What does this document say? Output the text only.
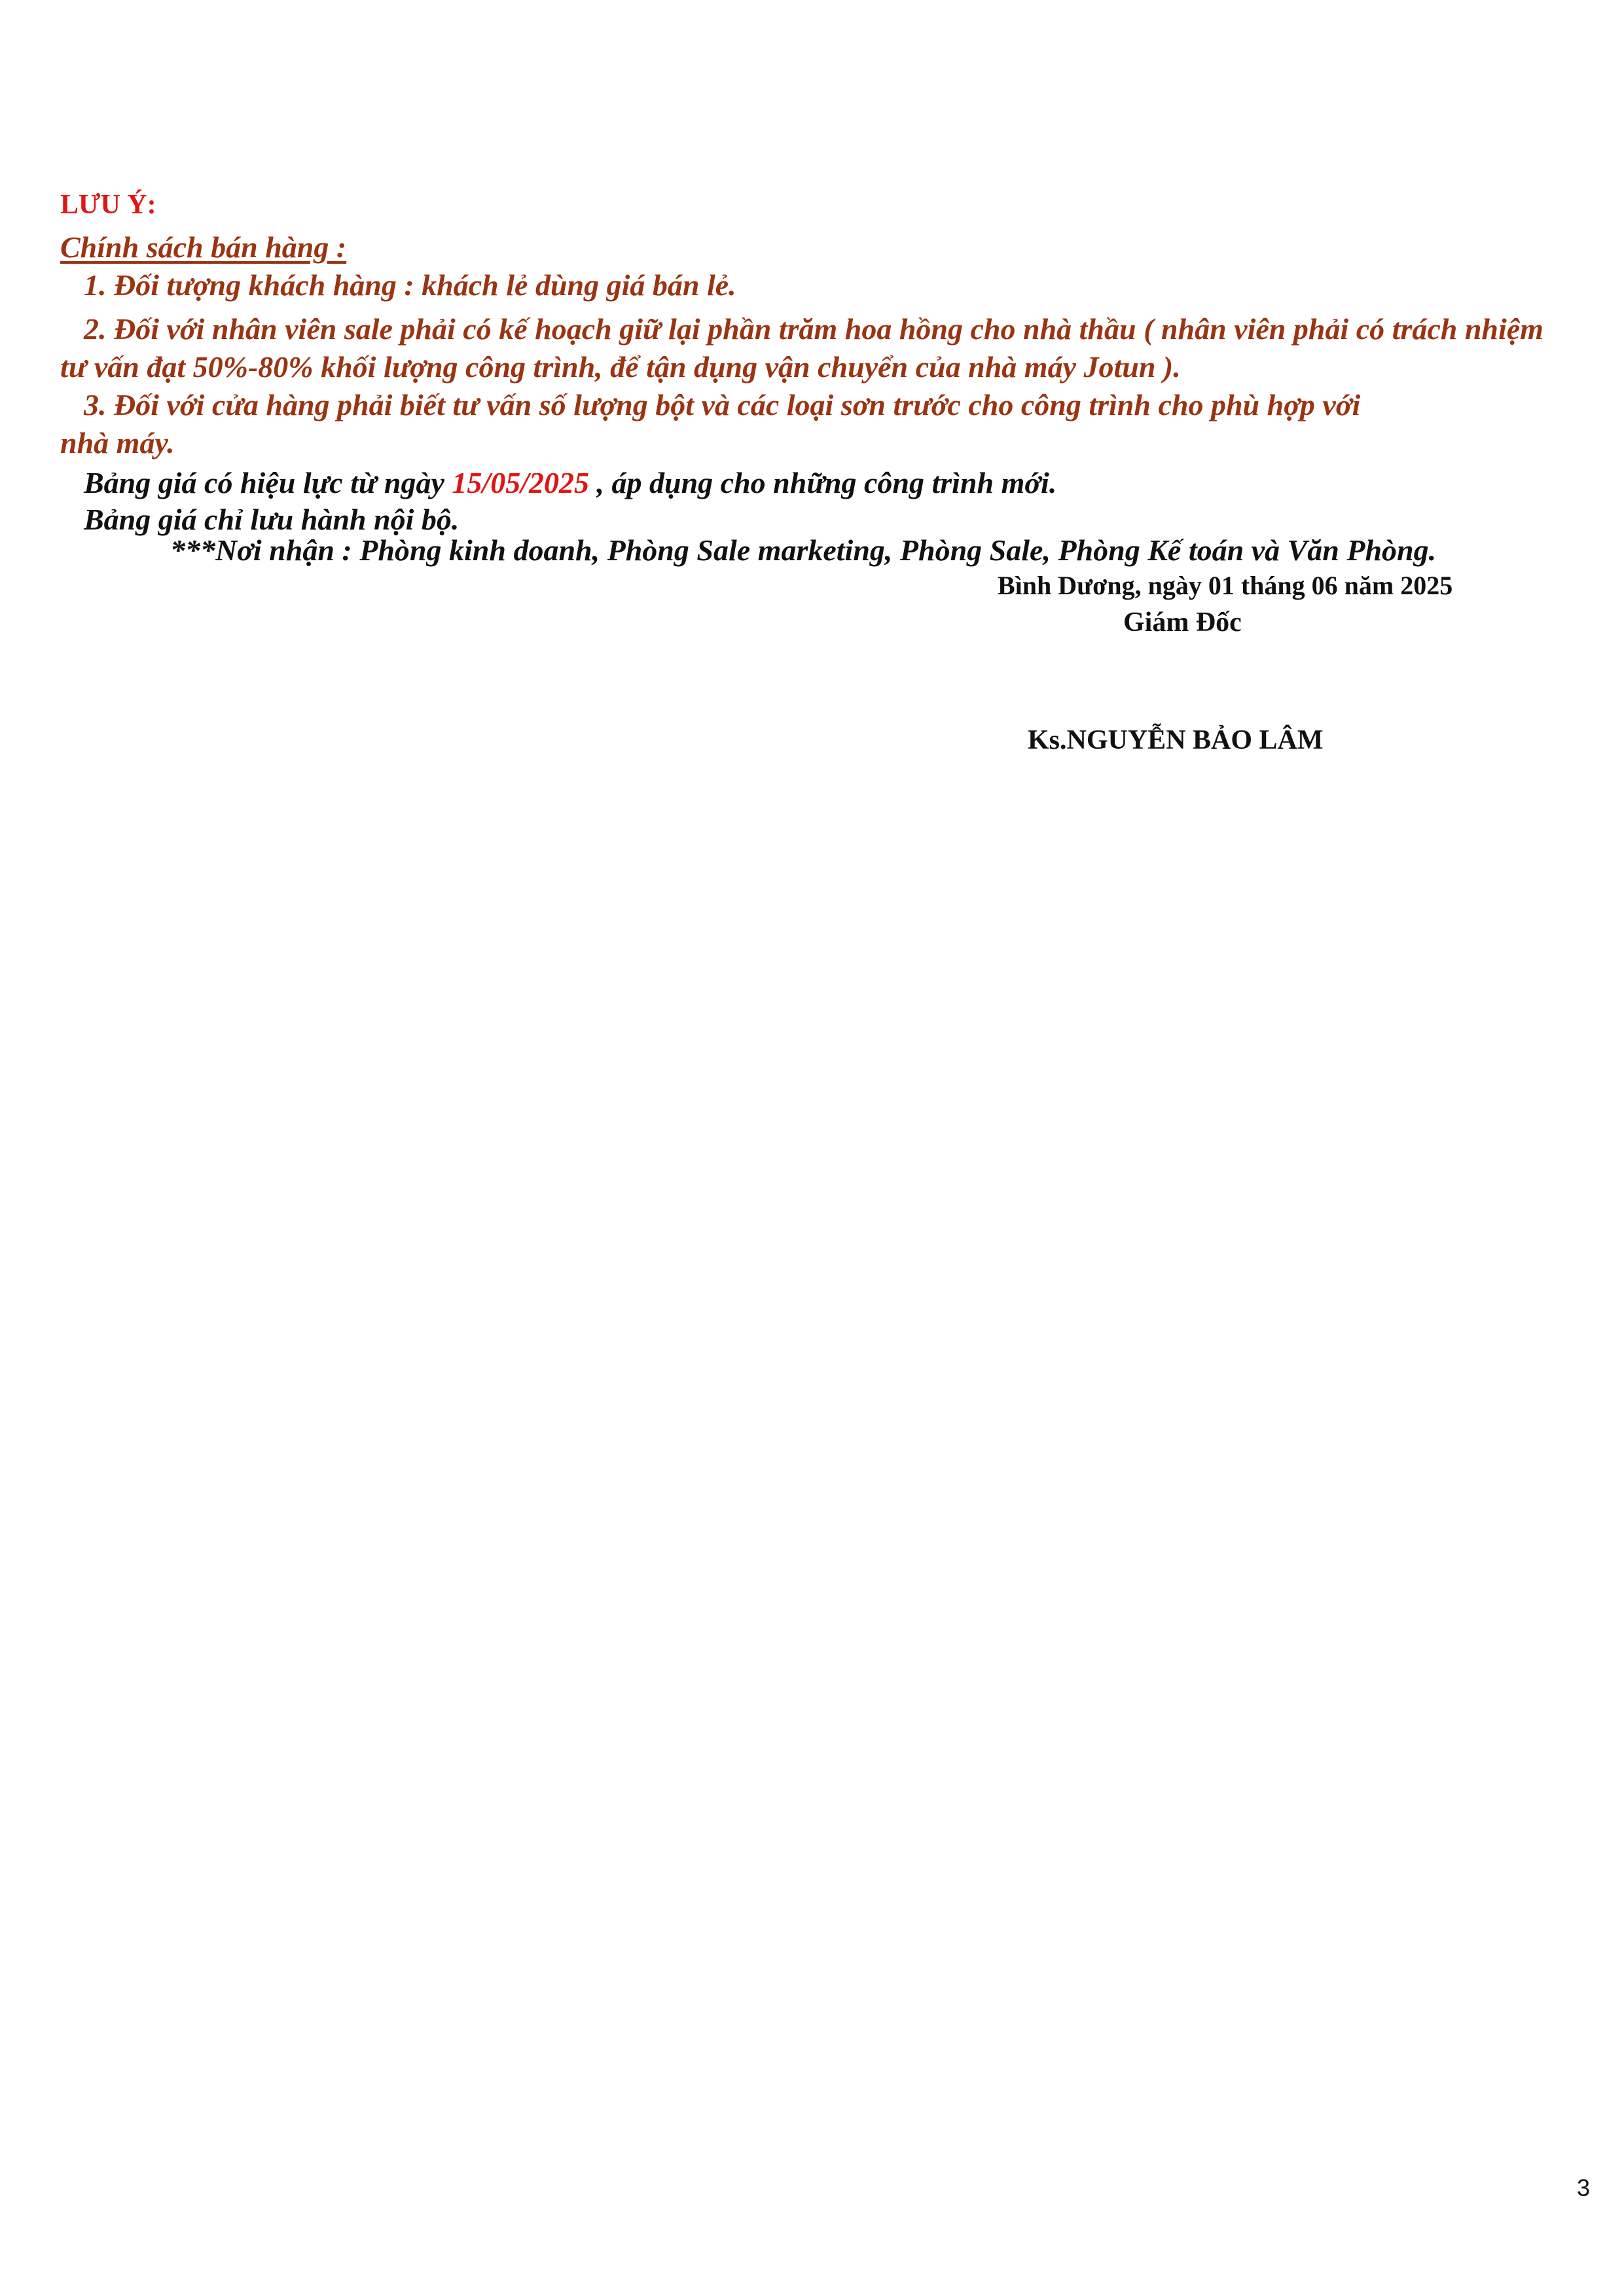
LƯU Ý:
Chính sách bán hàng :
1. Đối tượng khách hàng : khách lẻ dùng giá bán lẻ.
2. Đối với nhân viên sale phải có kế hoạch giữ lại phần trăm hoa hồng cho nhà thầu ( nhân viên phải có trách nhiệm
tư vấn đạt 50%-80% khối lượng công trình, để tận dụng vận chuyển của nhà máy Jotun ).
3. Đối với cửa hàng phải biết tư vấn số lượng bột và các loại sơn trước cho công trình cho phù hợp với
nhà máy.
Bảng giá có hiệu lực từ ngày 15/05/2025 , áp dụng cho những công trình mới.
Bảng giá chỉ lưu hành nội bộ.
***Nơi nhận : Phòng kinh doanh, Phòng Sale marketing, Phòng Sale, Phòng Kế toán và Văn Phòng.
Bình Dương, ngày 01 tháng 06 năm 2025
Giám Đốc
Ks.NGUYỄN BẢO LÂM
3
